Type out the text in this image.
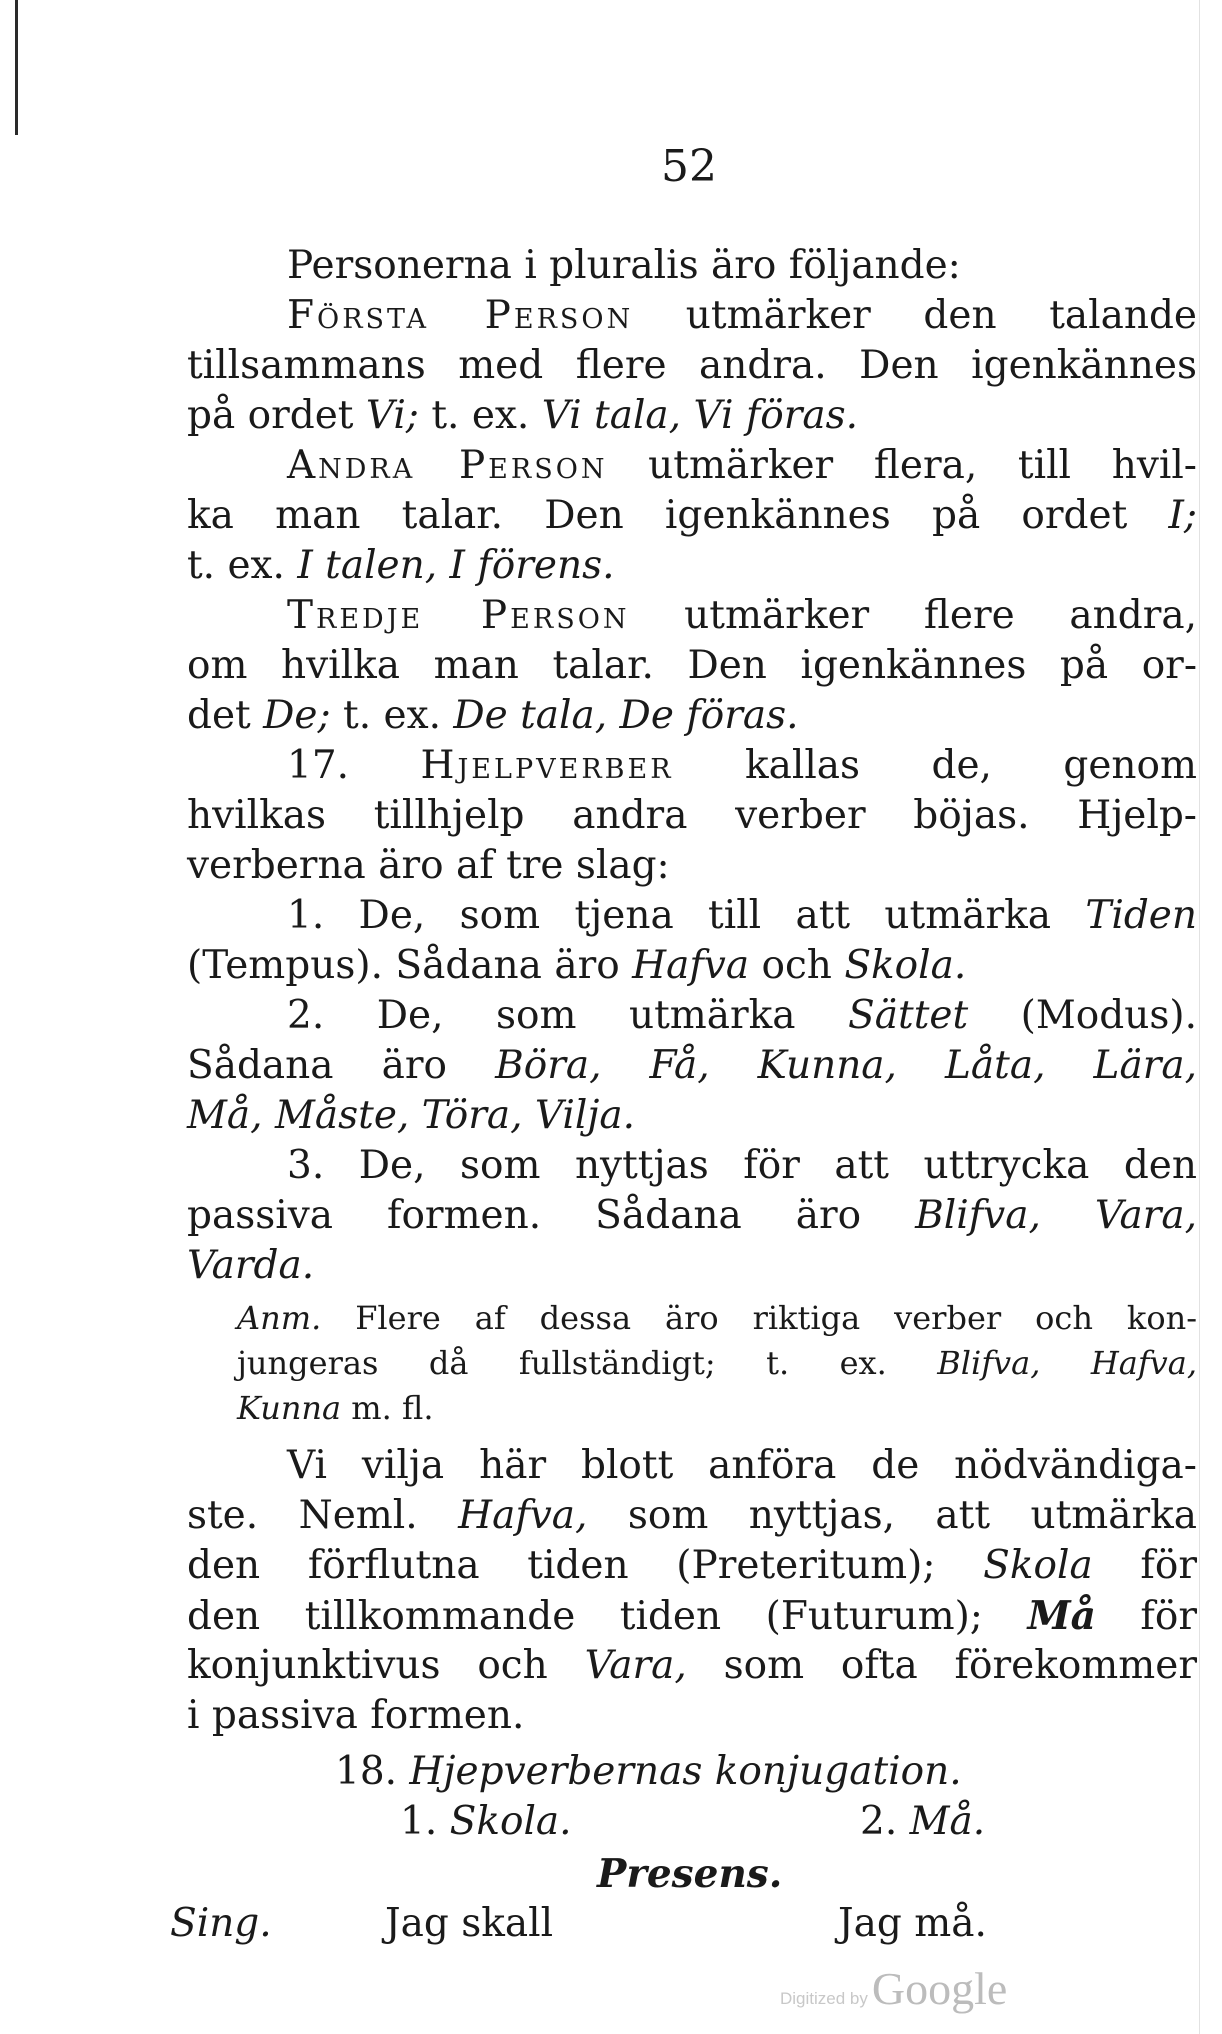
52
Personerna i pluralis äro följande:
Första Person utmärker den talande
tillsammans med flere andra. Den igenkännes
på ordet Vi; t. ex. Vi tala, Vi föras.
Andra Person utmärker flera, till hvil-
ka man talar. Den igenkännes på ordet I;
t. ex. I talen, I förens.
Tredje Person utmärker flere andra,
om hvilka man talar. Den igenkännes på or-
det De; t. ex. De tala, De föras.
17. Hjelpverber kallas de, genom
hvilkas tillhjelp andra verber böjas. Hjelp-
verberna äro af tre slag:
1. De, som tjena till att utmärka Tiden
(Tempus). Sådana äro Hafva och Skola.
2. De, som utmärka Sättet (Modus).
Sådana äro Böra, Få, Kunna, Låta, Lära,
Må, Måste, Töra, Vilja.
3. De, som nyttjas för att uttrycka den
passiva formen. Sådana äro Blifva, Vara,
Varda.
Anm. Flere af dessa äro riktiga verber och kon-
jungeras då fullständigt; t. ex. Blifva, Hafva,
Kunna m. fl.
Vi vilja här blott anföra de nödvändiga-
ste. Neml. Hafva, som nyttjas, att utmärka
den förflutna tiden (Preteritum); Skola för
den tillkommande tiden (Futurum); Må för
konjunktivus och Vara, som ofta förekommer
i passiva formen.
18. Hjepverbernas konjugation.
1. Skola.	2. Må.
Presens.
Sing.	Jag skall	Jag må.
Digitized byGoogle
